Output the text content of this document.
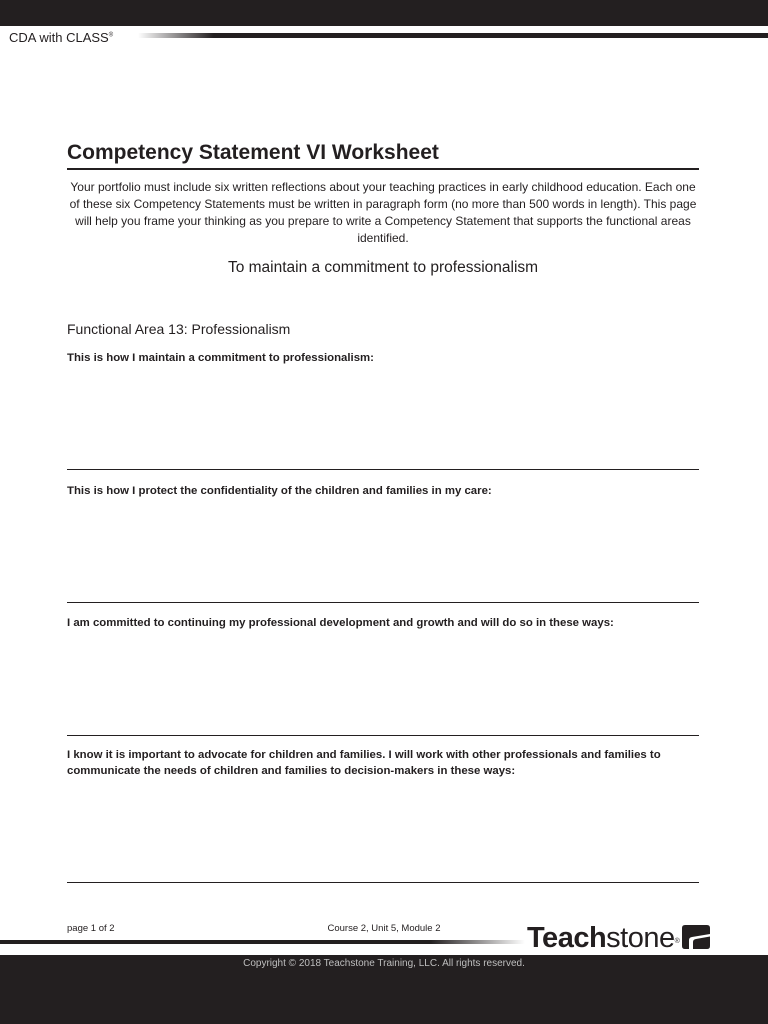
CDA with CLASS®
Competency Statement VI Worksheet

Your portfolio must include six written reflections about your teaching practices in early childhood education. Each one of these six Competency Statements must be written in paragraph form (no more than 500 words in length). This page will help you frame your thinking as you prepare to write a Competency Statement that supports the functional areas identified.

To maintain a commitment to professionalism

Functional Area 13: Professionalism

This is how I maintain a commitment to professionalism:

This is how I protect the confidentiality of the children and families in my care:

I am committed to continuing my professional development and growth and will do so in these ways:

I know it is important to advocate for children and families. I will work with other professionals and families to communicate the needs of children and families to decision-makers in these ways:

page 1 of 2	Course 2, Unit 5, Module 2	Teachstone®
Copyright © 2018 Teachstone Training, LLC. All rights reserved.
